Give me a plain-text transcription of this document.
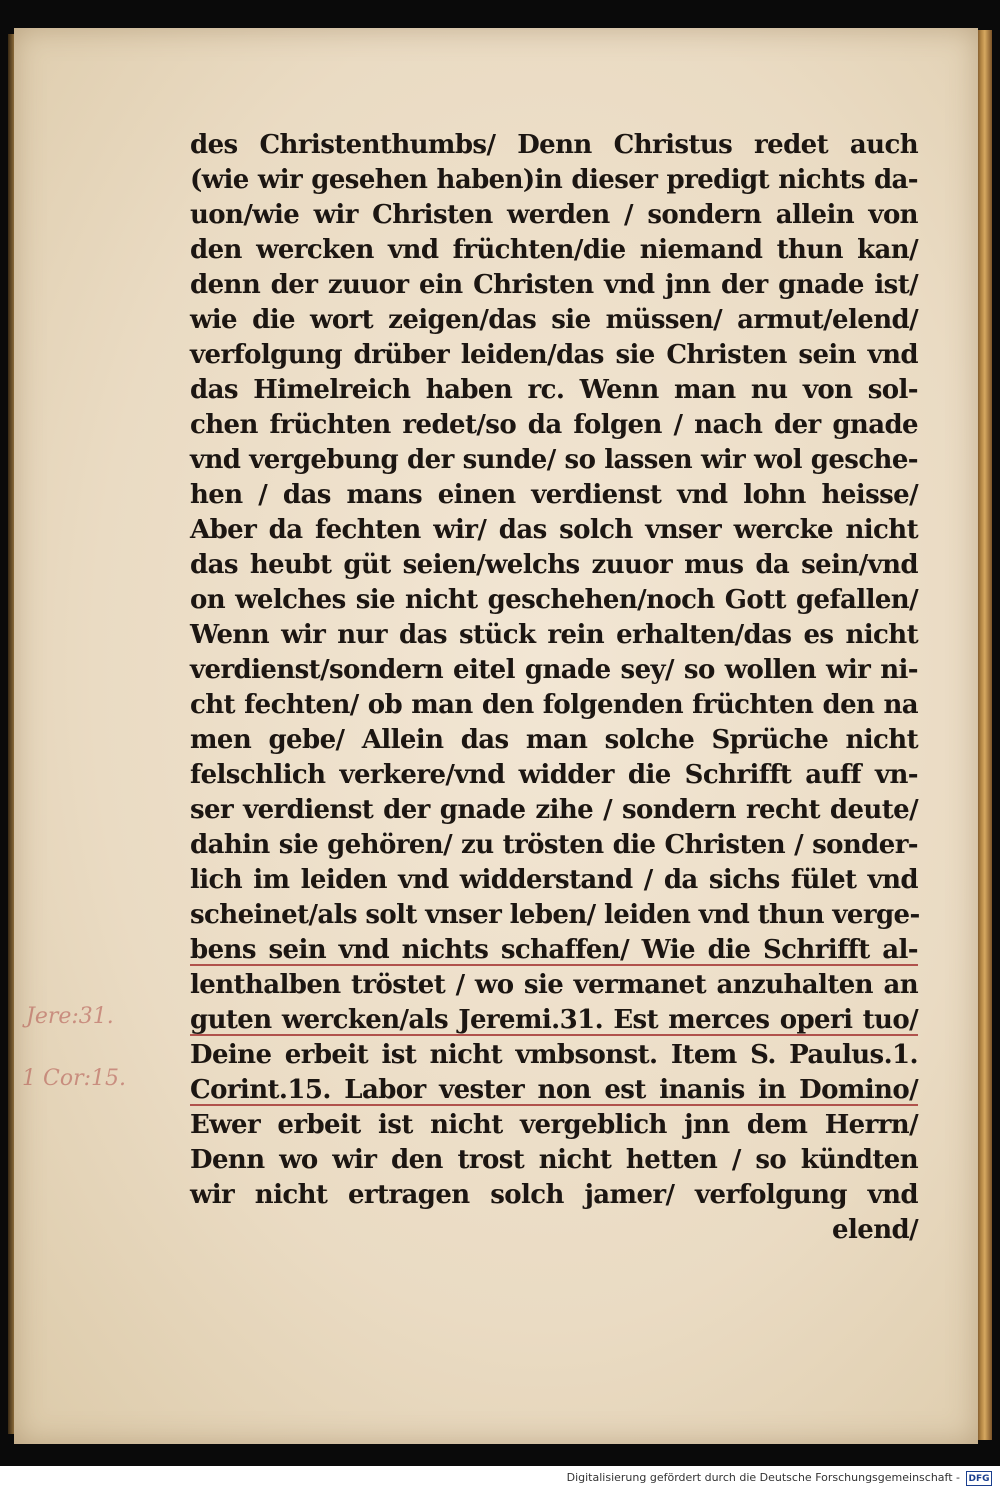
des Christenthumbs/ Denn Christus redet auch
(wie wir gesehen haben)in dieser predigt nichts da-
uon/wie wir Christen werden / sondern allein von
den wercken vnd früchten/die niemand thun kan/
denn der zuuor ein Christen vnd jnn der gnade ist/
wie die wort zeigen/das sie müssen/ armut/elend/
verfolgung drüber leiden/das sie Christen sein vnd
das Himelreich haben rc. Wenn man nu von sol-
chen früchten redet/so da folgen / nach der gnade
vnd vergebung der sunde/ so lassen wir wol gesche-
hen / das mans einen verdienst vnd lohn heisse/
Aber da fechten wir/ das solch vnser wercke nicht
das heubt güt seien/welchs zuuor mus da sein/vnd
on welches sie nicht geschehen/noch Gott gefallen/
Wenn wir nur das stück rein erhalten/das es nicht
verdienst/sondern eitel gnade sey/ so wollen wir ni-
cht fechten/ ob man den folgenden früchten den na
men gebe/ Allein das man solche Sprüche nicht
felschlich verkere/vnd widder die Schrifft auff vn-
ser verdienst der gnade zihe / sondern recht deute/
dahin sie gehören/ zu trösten die Christen / sonder-
lich im leiden vnd widderstand / da sichs fület vnd
scheinet/als solt vnser leben/ leiden vnd thun verge-
bens sein vnd nichts schaffen/ Wie die Schrifft al-
lenthalben tröstet / wo sie vermanet anzuhalten an
guten wercken/als Jeremi.31. Est merces operi tuo/
Deine erbeit ist nicht vmbsonst. Item S. Paulus.1.
Corint.15. Labor vester non est inanis in Domino/
Ewer erbeit ist nicht vergeblich jnn dem Herrn/
Denn wo wir den trost nicht hetten / so kündten
wir nicht ertragen solch jamer/ verfolgung vnd
elend/
Jere:31.
1 Cor:15.
Digitalisierung gefördert durch die Deutsche Forschungsgemeinschaft - DFG
